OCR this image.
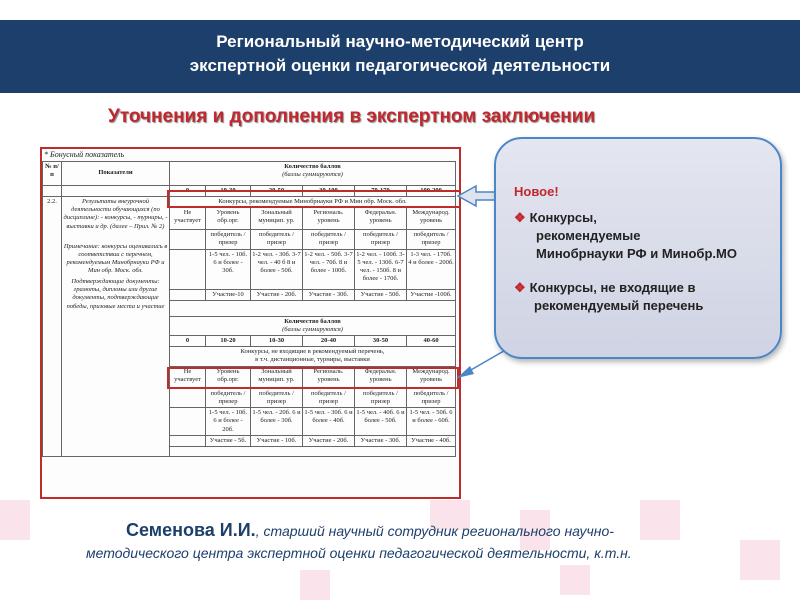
Региональный научно-методический центр
экспертной оценки педагогической деятельности
Уточнения и дополнения в экспертном заключении
* Бонусный показатель
№ п/п	Показатели	Количество баллов
(баллы суммируются)					

		0	10-30	20-50	30-100	70-170	100-200
2.2.	Результаты внеурочной деятельности обучающихся (по дисциплине): - конкурсы, - турниры, - выставки и др. (далее – Прил. № 2)
Примечание: конкурсы оценивались в соответствии с перечнем, рекомендуемым Минобрнауки РФ и Мин обр. Моск. обл.
Подтверждающие документы:
грамоты, дипломы или другие документы, подтверждающие победы, призовые места и участие	Конкурсы, рекомендуемые Минобрнауки РФ и Мин обр. Моск. обл.					
		Не участвует	Уровень обр.орг.	Зональный муницип. ур.	Региональ. уровень	Федеральн. уровень	Международ. уровень
			победитель / призер	победитель / призер	победитель / призер	победитель / призер	победитель / призер
			1-5 чел. - 10б. 6 и более - 30б.	1-2 чел. - 30б. 3-7 чел. - 40 б 8 и более - 50б.	1-2 чел. - 50б. 3-7 чел. - 70б. 8 и более - 100б.	1-2 чел. - 100б. 3-5 чел. - 130б. 6-7 чел. - 150б. 8 и более - 170б.	1-3 чел. - 170б. 4 и более - 200б.
			Участие-10	Участие - 20б.	Участие - 30б.	Участие - 50б.	Участие -100б.

		Количество баллов
(баллы суммируются)					

		0	10-20	10-30	20-40	30-50	40-60

		Конкурсы, не входящие в рекомендуемый перечень,
в т.ч. дистанционные, турниры, выставки					

		Не участвует	Уровень обр.орг.	Зональный муницип. ур.	Региональ. уровень	Федеральн. уровень	Международ. уровень
			победитель / призер	победитель / призер	победитель / призер	победитель / призер	победитель / призер
			1-5 чел. - 10б. 6 и более - 20б.	1-5 чел. - 20б. 6 и более - 30б.	1-5 чел. - 30б. 6 и более - 40б.	1-5 чел. - 40б. 6 и более - 50б.	1-5 чел. - 50б. 6 и более - 60б.
			Участие - 5б.	Участие - 10б.	Участие - 20б.	Участие - 30б.	Участие - 40б.

Новое!
❖ Конкурсы,
рекомендуемые
Минобрнауки РФ и Минобр.МО
❖ Конкурсы, не входящие в
рекомендуемый перечень
Семенова И.И., старший научный сотрудник регионального научно-
методического центра экспертной оценки педагогической деятельности, к.т.н.
